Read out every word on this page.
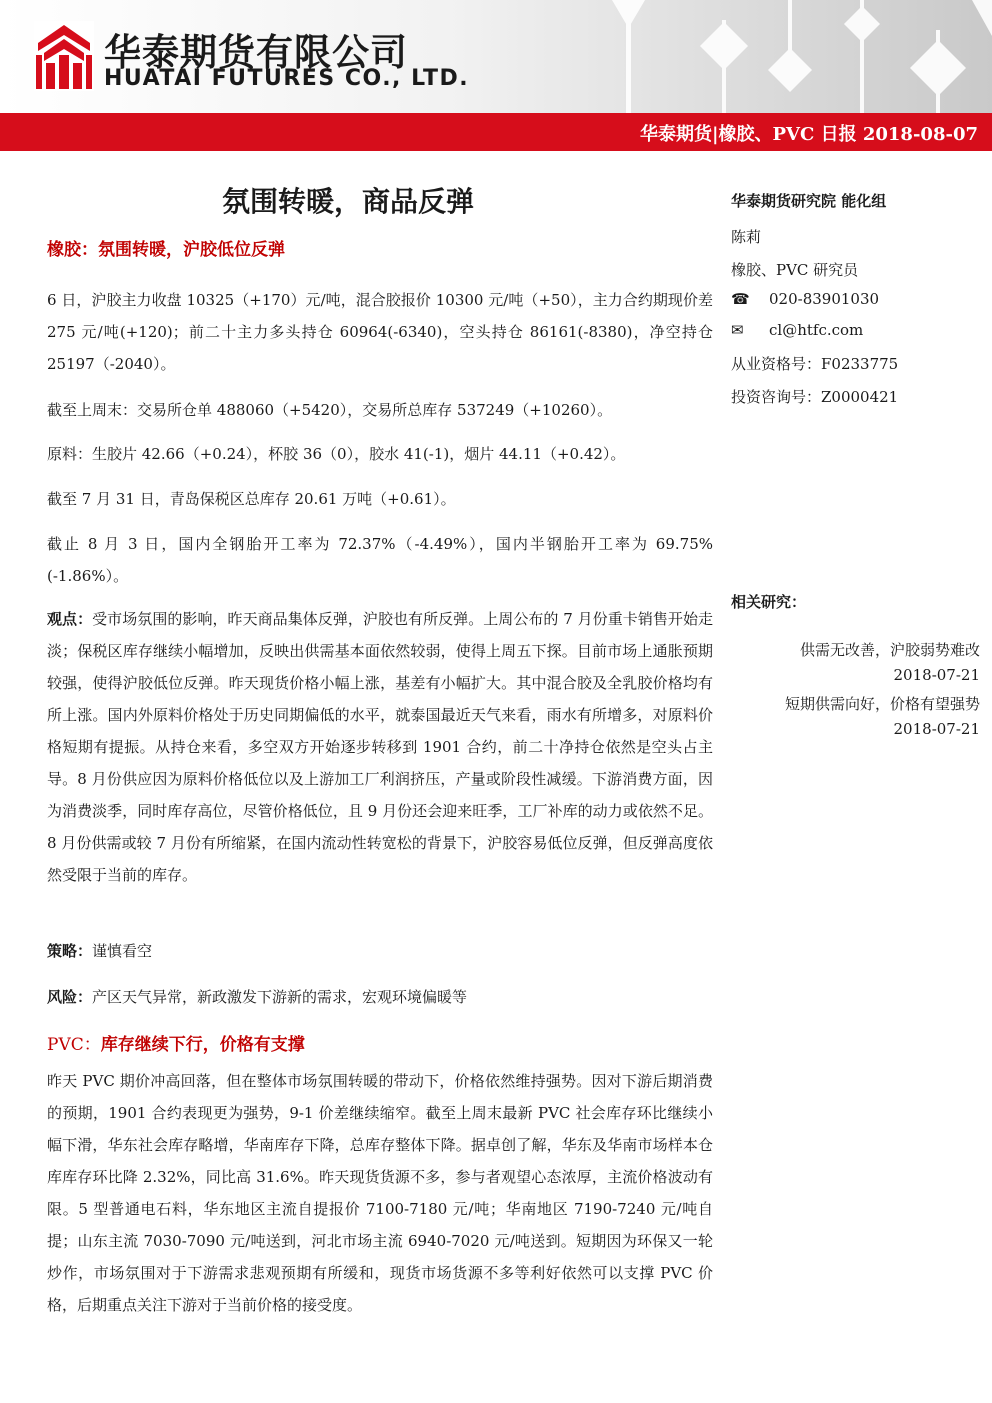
华泰期货有限公司
HUATAI FUTURES CO., LTD.
华泰期货|橡胶、PVC 日报 2018-08-07
氛围转暖，商品反弹
橡胶：氛围转暖，沪胶低位反弹
6 日，沪胶主力收盘 10325（+170）元/吨，混合胶报价 10300 元/吨（+50），主力合约期现价差 275 元/吨(+120)；前二十主力多头持仓 60964(-6340)，空头持仓 86161(-8380)，净空持仓 25197（-2040）。
截至上周末：交易所仓单 488060（+5420），交易所总库存 537249（+10260）。
原料：生胶片 42.66（+0.24），杯胶 36（0），胶水 41(-1)，烟片 44.11（+0.42）。
截至 7 月 31 日，青岛保税区总库存 20.61 万吨（+0.61）。
截止 8 月 3 日，国内全钢胎开工率为 72.37%（-4.49%），国内半钢胎开工率为 69.75%(-1.86%）。
观点：受市场氛围的影响，昨天商品集体反弹，沪胶也有所反弹。上周公布的 7 月份重卡销售开始走淡；保税区库存继续小幅增加，反映出供需基本面依然较弱，使得上周五下探。目前市场上通胀预期较强，使得沪胶低位反弹。昨天现货价格小幅上涨，基差有小幅扩大。其中混合胶及全乳胶价格均有所上涨。国内外原料价格处于历史同期偏低的水平，就泰国最近天气来看，雨水有所增多，对原料价格短期有提振。从持仓来看，多空双方开始逐步转移到 1901 合约，前二十净持仓依然是空头占主导。8 月份供应因为原料价格低位以及上游加工厂利润挤压，产量或阶段性减缓。下游消费方面，因为消费淡季，同时库存高位，尽管价格低位，且 9 月份还会迎来旺季，工厂补库的动力或依然不足。8 月份供需或较 7 月份有所缩紧，在国内流动性转宽松的背景下，沪胶容易低位反弹，但反弹高度依然受限于当前的库存。
策略：谨慎看空
风险：产区天气异常，新政激发下游新的需求，宏观环境偏暖等
PVC：库存继续下行，价格有支撑
昨天 PVC 期价冲高回落，但在整体市场氛围转暖的带动下，价格依然维持强势。因对下游后期消费的预期，1901 合约表现更为强势，9-1 价差继续缩窄。截至上周末最新 PVC 社会库存环比继续小幅下滑，华东社会库存略增，华南库存下降，总库存整体下降。据卓创了解，华东及华南市场样本仓库库存环比降 2.32%，同比高 31.6%。昨天现货货源不多，参与者观望心态浓厚，主流价格波动有限。5 型普通电石料，华东地区主流自提报价 7100-7180 元/吨；华南地区 7190-7240 元/吨自提；山东主流 7030-7090 元/吨送到，河北市场主流 6940-7020 元/吨送到。短期因为环保又一轮炒作，市场氛围对于下游需求悲观预期有所缓和，现货市场货源不多等利好依然可以支撑 PVC 价格，后期重点关注下游对于当前价格的接受度。
华泰期货研究院 能化组
陈莉
橡胶、PVC 研究员
☎ 020-83901030
✉ cl@htfc.com
从业资格号：F0233775
投资咨询号：Z0000421
相关研究：
供需无改善，沪胶弱势难改
2018-07-21
短期供需向好，价格有望强势
2018-07-21
